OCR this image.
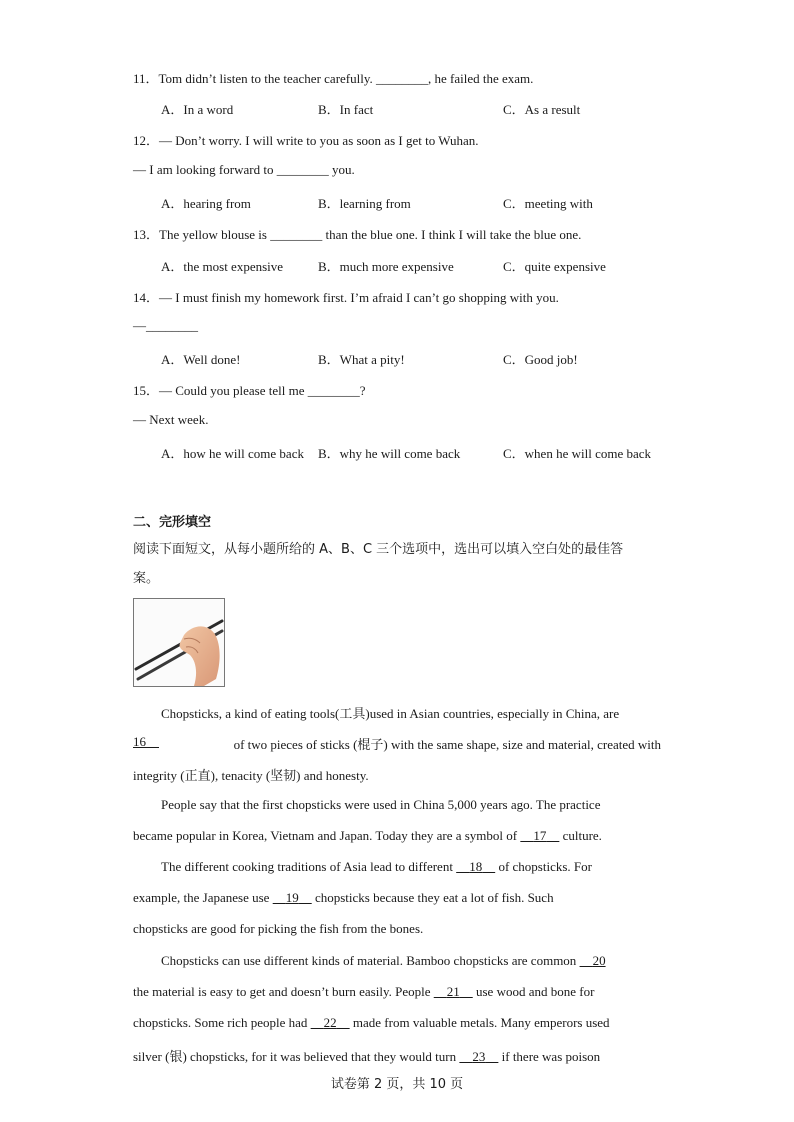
11．Tom didn’t listen to the teacher carefully. ________, he failed the exam.
A．In a word	B．In fact	C．As a result
12．— Don’t worry. I will write to you as soon as I get to Wuhan.
— I am looking forward to ________ you.
A．hearing from	B．learning from	C．meeting with
13．The yellow blouse is ________ than the blue one. I think I will take the blue one.
A．the most expensive	B．much more expensive	C．quite expensive
14．— I must finish my homework first. I’m afraid I can’t go shopping with you.
—________
A．Well done!	B．What a pity!	C．Good job!
15．— Could you please tell me ________?
— Next week.
A．how he will come back B．why he will come back	C．when he will come back
二、完形填空
阅读下面短文，从每小题所给的 A、B、C 三个选项中，选出可以填入空白处的最佳答
案。
Chopsticks, a kind of eating tools(工具)used in Asian countries, especially in China, are
16	of two pieces of sticks (棍子) with the same shape, size and material, created with
integrity (正直), tenacity (坚韧) and honesty.
People say that the first chopsticks were used in China 5,000 years ago. The practice
became popular in Korea, Vietnam and Japan. Today they are a symbol of     17     culture.
The different cooking traditions of Asia lead to different     18     of chopsticks. For
example, the Japanese use     19     chopsticks because they eat a lot of fish. Such
chopsticks are good for picking the fish from the bones.
Chopsticks can use different kinds of material. Bamboo chopsticks are common     20
the material is easy to get and doesn’t burn easily. People     21     use wood and bone for
chopsticks. Some rich people had     22     made from valuable metals. Many emperors used
silver (银) chopsticks, for it was believed that they would turn     23     if there was poison
试卷第 2 页，共 10 页
